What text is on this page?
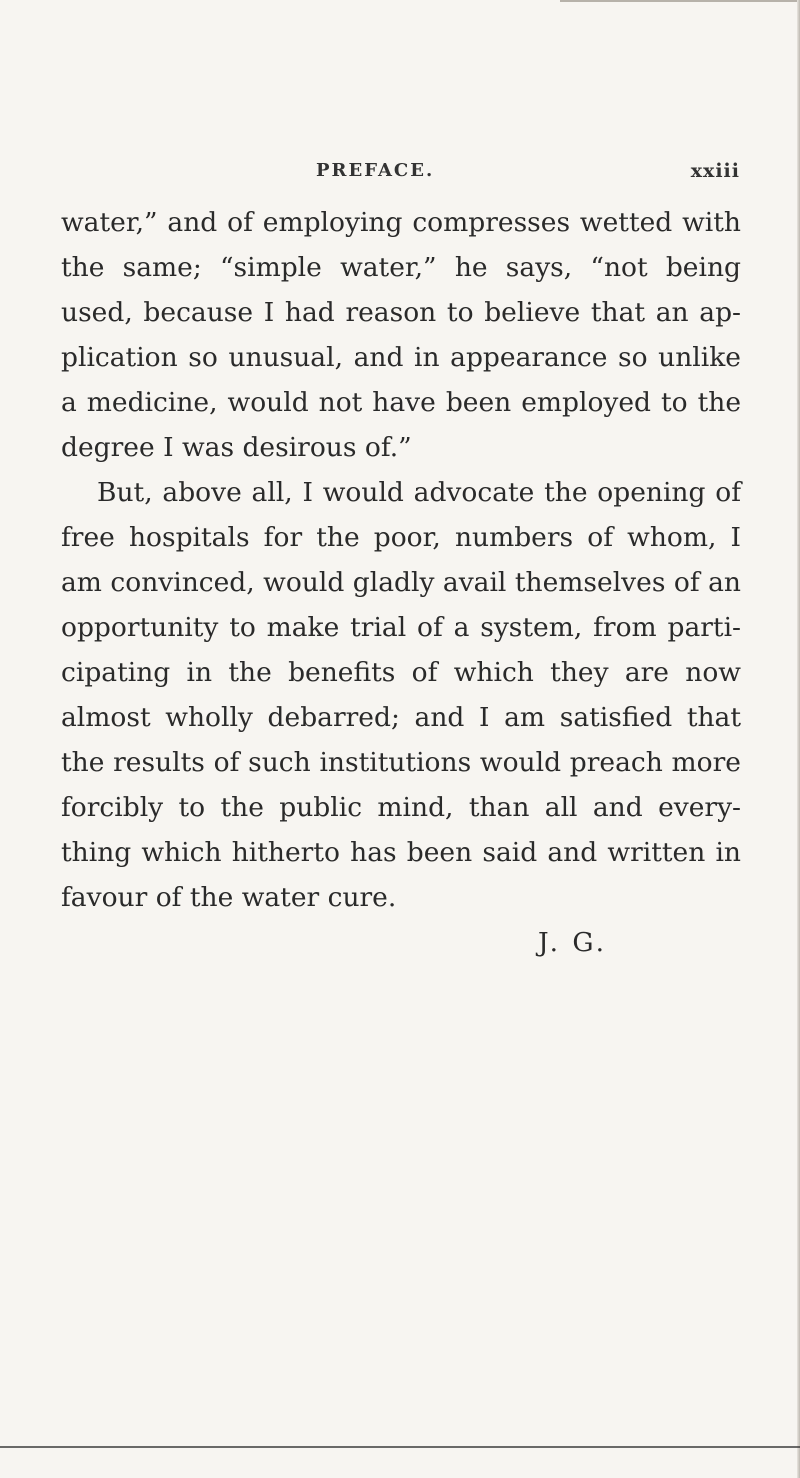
PREFACE.	xxiii
water,” and of employing compresses wetted with
the same; “simple water,” he says, “not being
used, because I had reason to believe that an ap-
plication so unusual, and in appearance so unlike
a medicine, would not have been employed to the
degree I was desirous of.”
But, above all, I would advocate the opening of
free hospitals for the poor, numbers of whom, I
am convinced, would gladly avail themselves of an
opportunity to make trial of a system, from parti-
cipating in the benefits of which they are now
almost wholly debarred; and I am satisfied that
the results of such institutions would preach more
forcibly to the public mind, than all and every-
thing which hitherto has been said and written in
favour of the water cure.
J. G.
